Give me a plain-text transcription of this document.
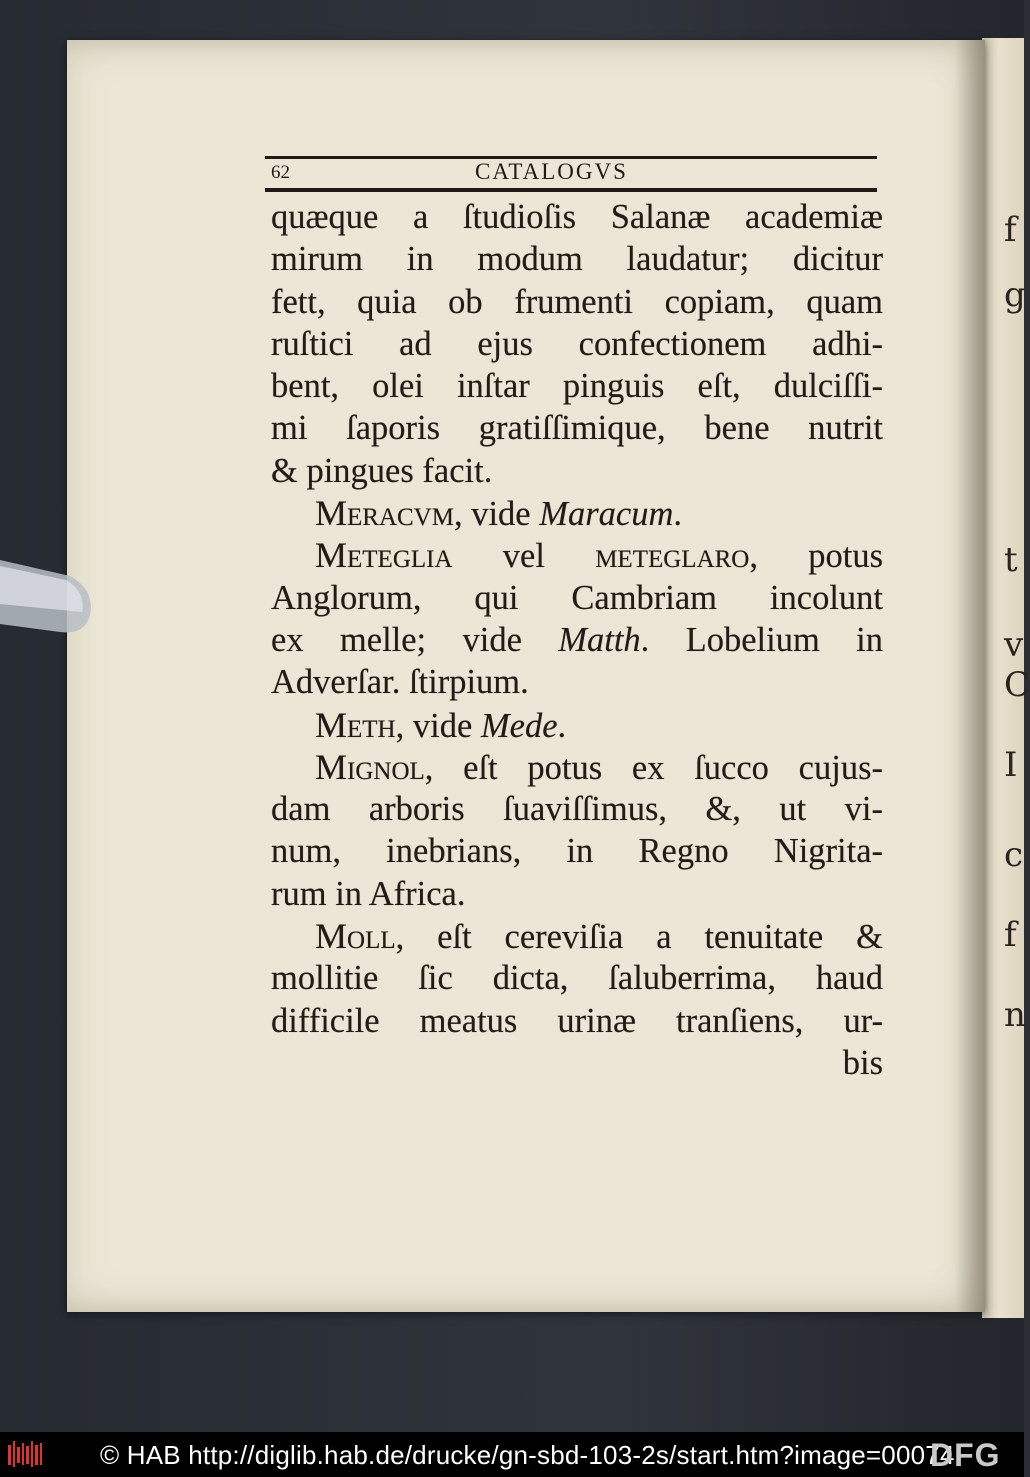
f
g
t
v
C
I
c
f
n
62	CATALOGVS
quæque a ſtudioſis Salanæ academiæ
mirum in modum laudatur; dicitur
fett, quia ob frumenti copiam, quam
ruſtici ad ejus confectionem adhi-
bent, olei inſtar pinguis eſt, dulciſſi-
mi ſaporis gratiſſimique, bene nutrit
& pingues facit.
Meracvm, vide Maracum.
Meteglia vel meteglaro, potus
Anglorum, qui Cambriam incolunt
ex melle; vide Matth. Lobelium in
Adverſar. ſtirpium.
Meth, vide Mede.
Mignol, eſt potus ex ſucco cujus-
dam arboris ſuaviſſimus, &, ut vi-
num, inebrians, in Regno Nigrita-
rum in Africa.
Moll, eſt cereviſia a tenuitate &
mollitie ſic dicta, ſaluberrima, haud
difficile meatus urinæ tranſiens, ur-
bis
© HAB http://diglib.hab.de/drucke/gn-sbd-103-2s/start.htm?image=00074
DFG
